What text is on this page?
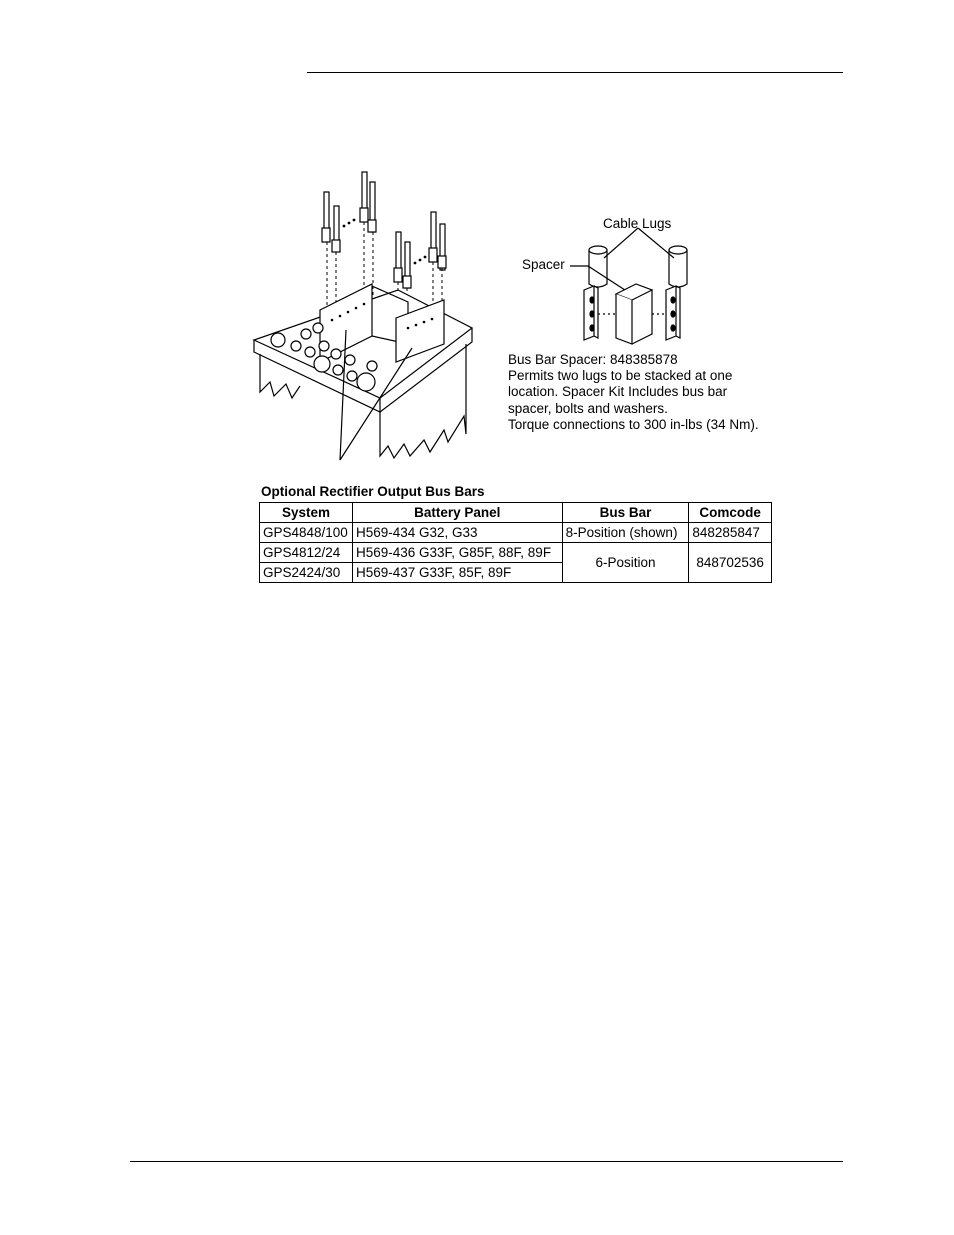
Cable Lugs
Spacer
Bus Bar Spacer: 848385878
Permits two lugs to be stacked at one
location. Spacer Kit Includes bus bar
spacer, bolts and washers.
Torque connections to 300 in-lbs (34 Nm).
Optional Rectifier Output Bus Bars
System	Battery Panel	Bus Bar	Comcode
GPS4848/100	H569-434 G32, G33	8-Position (shown)	848285847
GPS4812/24	H569-436 G33F, G85F, 88F, 89F	6-Position	848702536
GPS2424/30	H569-437 G33F, 85F, 89F		
